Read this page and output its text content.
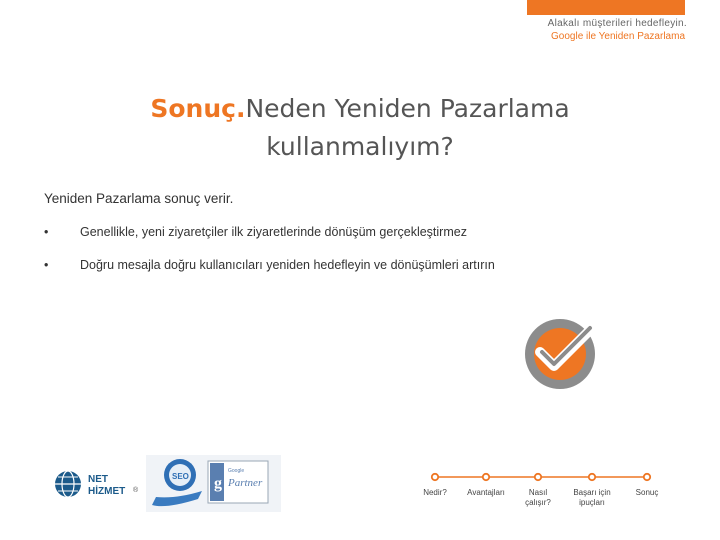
Alakalı müşterileri hedefleyin.
Google ile Yeniden Pazarlama
Sonuç.Neden Yeniden Pazarlama
kullanmalıyım?
Yeniden Pazarlama sonuç verir.
•	Genellikle, yeni ziyaretçiler ilk ziyaretlerinde dönüşüm gerçekleştirmez
•	Doğru mesajla doğru kullanıcıları yeniden hedefleyin ve dönüşümleri artırın
NET
HİZMET ®
SEO g
Google
Partner
Nedir?	Avantajları	Nasıl
çalışır?
Başarı için
ipuçları
Sonuç
